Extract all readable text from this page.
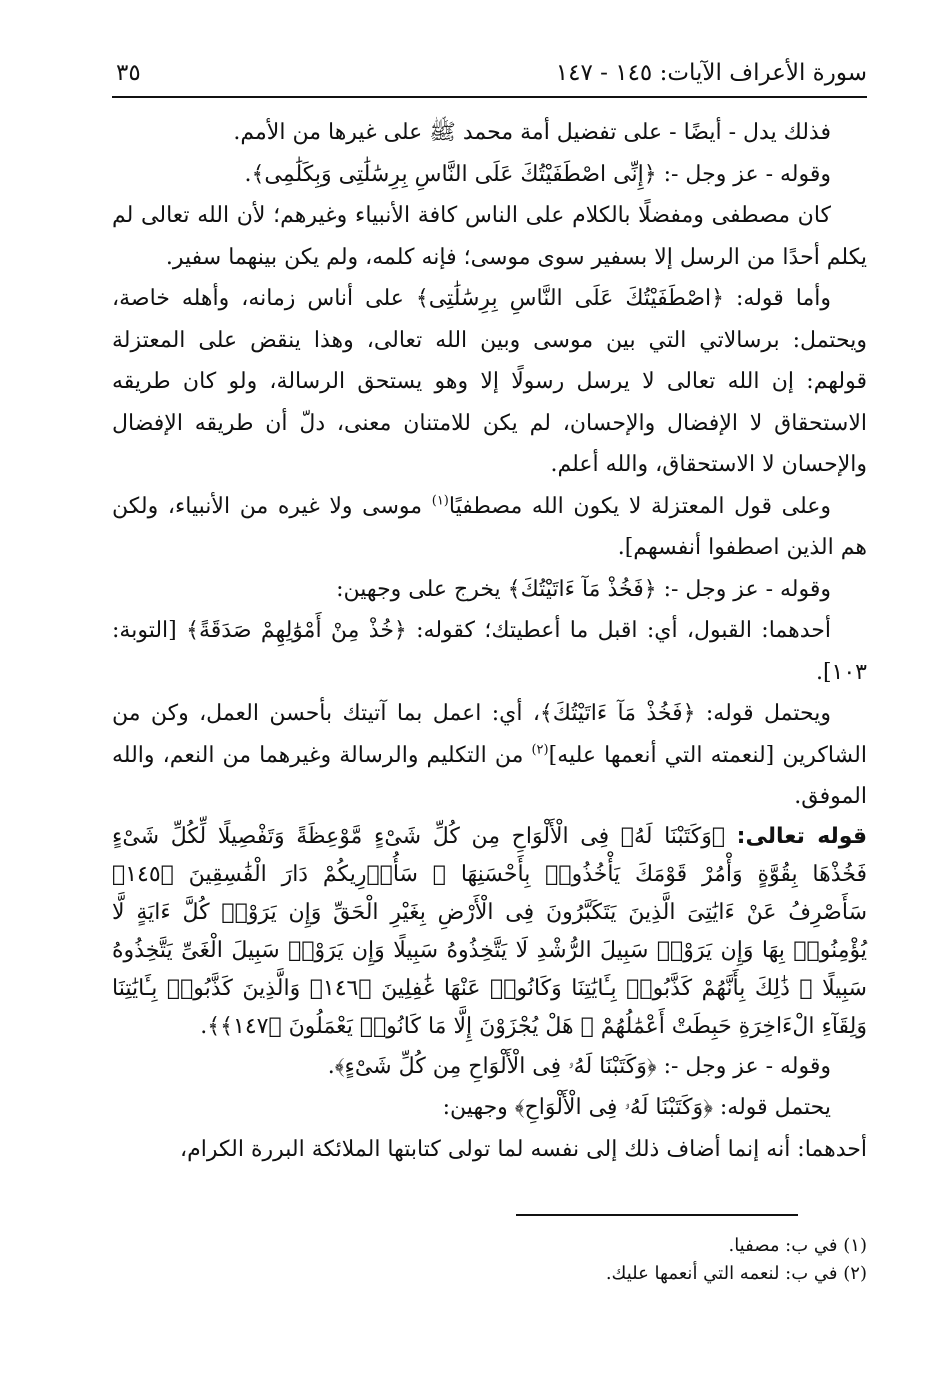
سورة الأعراف الآيات: ١٤٥ - ١٤٧
٣٥

فذلك يدل - أيضًا - على تفضيل أمة محمد ﷺ على غيرها من الأمم.

وقوله - عز وجل -: ﴿إِنِّى اصْطَفَيْتُكَ عَلَى النَّاسِ بِرِسَٰلَٰتِى وَبِكَلَٰمِى﴾.

كان مصطفى ومفضلًا بالكلام على الناس كافة الأنبياء وغيرهم؛ لأن الله تعالى لم يكلم أحدًا من الرسل إلا بسفير سوى موسى؛ فإنه كلمه، ولم يكن بينهما سفير.

وأما قوله: ﴿اصْطَفَيْتُكَ عَلَى النَّاسِ بِرِسَٰلَٰتِى﴾ على أناس زمانه، وأهله خاصة، ويحتمل: برسالاتي التي بين موسى وبين الله تعالى، وهذا ينقض على المعتزلة قولهم: إن الله تعالى لا يرسل رسولًا إلا وهو يستحق الرسالة، ولو كان طريقه الاستحقاق لا الإفضال والإحسان، لم يكن للامتنان معنى، دلّ أن طريقه الإفضال والإحسان لا الاستحقاق، والله أعلم.

وعلى قول المعتزلة لا يكون الله مصطفيًا$^{(١)}$ موسى ولا غيره من الأنبياء، ولكن هم الذين اصطفوا أنفسهم].

وقوله - عز وجل -: ﴿فَخُذْ مَآ ءَاتَيْتُكَ﴾ يخرج على وجهين:

أحدهما: القبول، أي: اقبل ما أعطيتك؛ كقوله: ﴿خُذْ مِنْ أَمْوَٰلِهِمْ صَدَقَةً﴾ [التوبة: ١٠٣].

ويحتمل قوله: ﴿فَخُذْ مَآ ءَاتَيْتُكَ﴾، أي: اعمل بما آتيتك بأحسن العمل، وكن من الشاكرين [لنعمته التي أنعمها عليه]$^{(٢)}$ من التكليم والرسالة وغيرهما من النعم، والله الموفق.

قوله تعالى: ﴿وَكَتَبْنَا لَهُۥ فِى الْأَلْوَاحِ مِن كُلِّ شَىْءٍ مَّوْعِظَةً وَتَفْصِيلًا لِّكُلِّ شَىْءٍ فَخُذْهَا بِقُوَّةٍ وَأْمُرْ قَوْمَكَ يَأْخُذُوا۟ بِأَحْسَنِهَا ۚ سَأُو۟رِيكُمْ دَارَ الْفَٰسِقِينَ ﴿١٤٥﴾ سَأَصْرِفُ عَنْ ءَايَٰتِىَ الَّذِينَ يَتَكَبَّرُونَ فِى الْأَرْضِ بِغَيْرِ الْحَقِّ وَإِن يَرَوْا۟ كُلَّ ءَايَةٍ لَّا يُؤْمِنُوا۟ بِهَا وَإِن يَرَوْا۟ سَبِيلَ الرُّشْدِ لَا يَتَّخِذُوهُ سَبِيلًا وَإِن يَرَوْا۟ سَبِيلَ الْغَىِّ يَتَّخِذُوهُ سَبِيلًا ۚ ذَٰلِكَ بِأَنَّهُمْ كَذَّبُوا۟ بِـَٔايَٰتِنَا وَكَانُوا۟ عَنْهَا غَٰفِلِينَ ﴿١٤٦﴾ وَالَّذِينَ كَذَّبُوا۟ بِـَٔايَٰتِنَا وَلِقَآءِ الْءَاخِرَةِ حَبِطَتْ أَعْمَٰلُهُمْ ۚ هَلْ يُجْزَوْنَ إِلَّا مَا كَانُوا۟ يَعْمَلُونَ ﴿١٤٧﴾﴾.

وقوله - عز وجل -: ﴿وَكَتَبْنَا لَهُۥ فِى الْأَلْوَاحِ مِن كُلِّ شَىْءٍ﴾.

يحتمل قوله: ﴿وَكَتَبْنَا لَهُۥ فِى الْأَلْوَاحِ﴾ وجهين:

أحدهما: أنه إنما أضاف ذلك إلى نفسه لما تولى كتابتها الملائكة البررة الكرام،

(١) في ب: مصفيا.
(٢) في ب: لنعمه التي أنعمها عليك.
